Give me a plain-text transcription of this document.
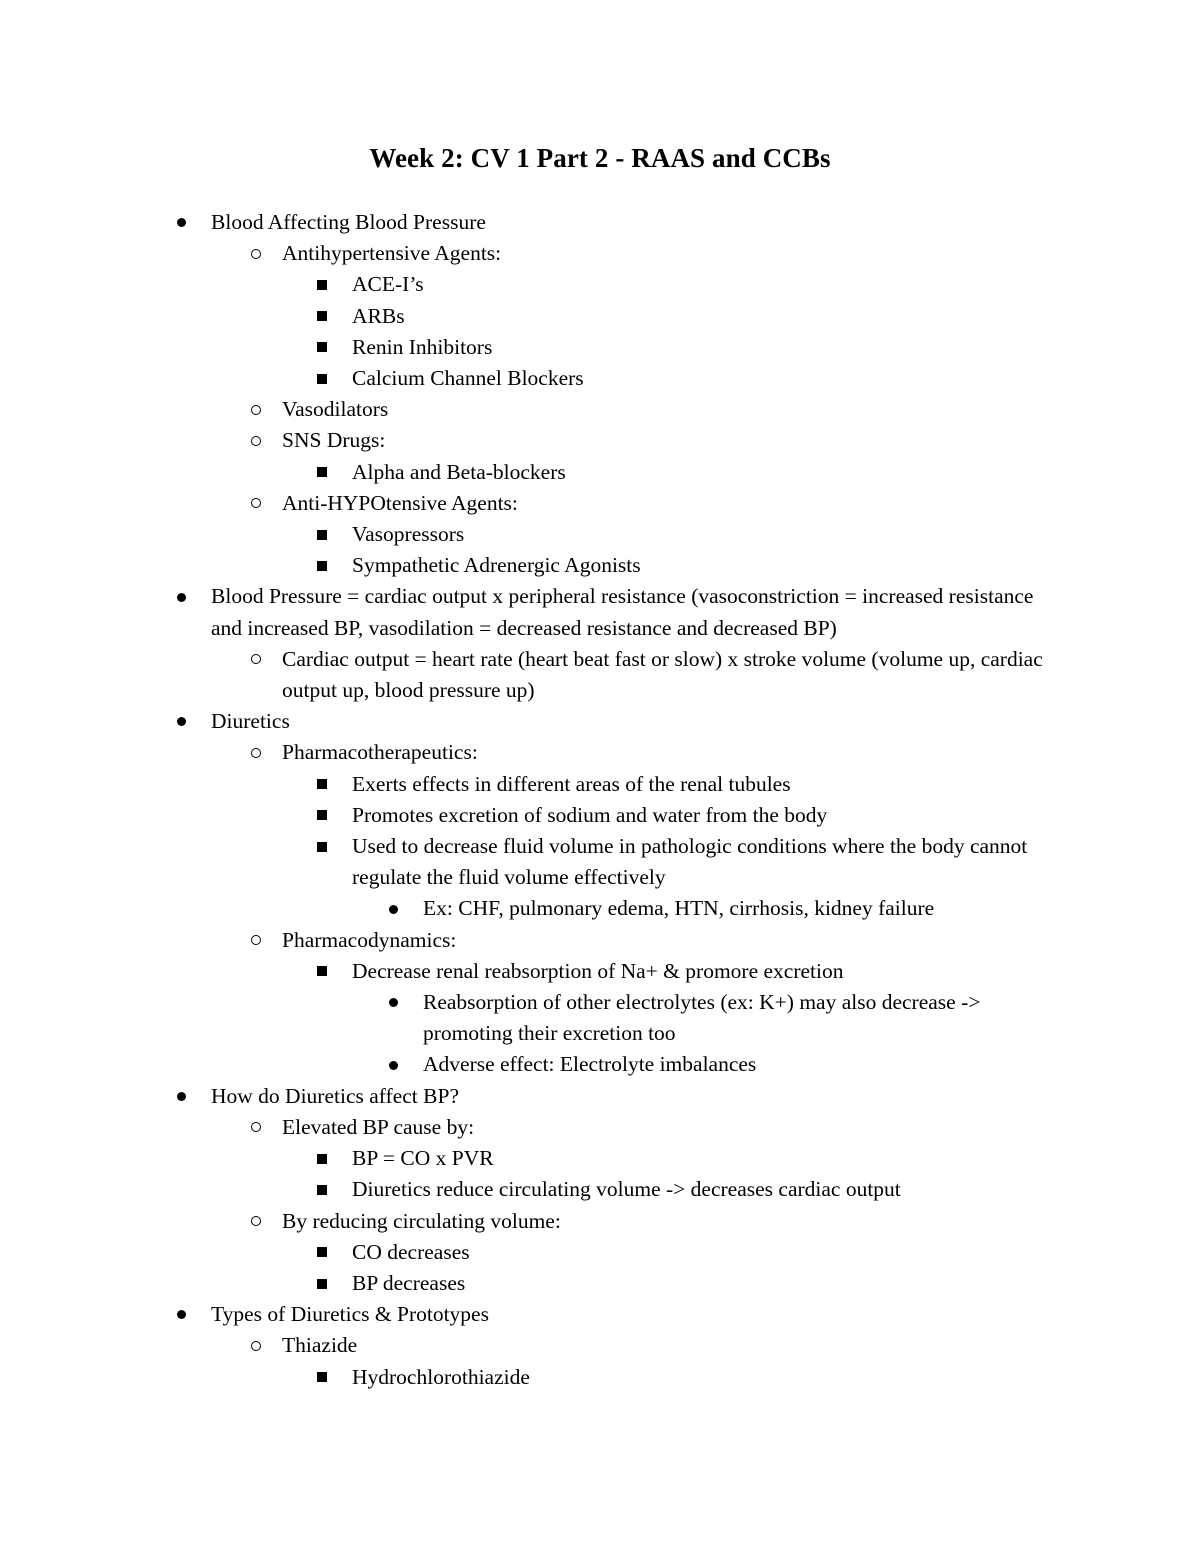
Week 2: CV 1 Part 2 - RAAS and CCBs
Blood Affecting Blood Pressure
Antihypertensive Agents:
ACE-I’s
ARBs
Renin Inhibitors
Calcium Channel Blockers
Vasodilators
SNS Drugs:
Alpha and Beta-blockers
Anti-HYPOtensive Agents:
Vasopressors
Sympathetic Adrenergic Agonists
Blood Pressure = cardiac output x peripheral resistance (vasoconstriction = increased resistance and increased BP, vasodilation = decreased resistance and decreased BP)
Cardiac output = heart rate (heart beat fast or slow) x stroke volume (volume up, cardiac output up, blood pressure up)
Diuretics
Pharmacotherapeutics:
Exerts effects in different areas of the renal tubules
Promotes excretion of sodium and water from the body
Used to decrease fluid volume in pathologic conditions where the body cannot regulate the fluid volume effectively
Ex: CHF, pulmonary edema, HTN, cirrhosis, kidney failure
Pharmacodynamics:
Decrease renal reabsorption of Na+ & promore excretion
Reabsorption of other electrolytes (ex: K+) may also decrease -> promoting their excretion too
Adverse effect: Electrolyte imbalances
How do Diuretics affect BP?
Elevated BP cause by:
BP = CO x PVR
Diuretics reduce circulating volume -> decreases cardiac output
By reducing circulating volume:
CO decreases
BP decreases
Types of Diuretics & Prototypes
Thiazide
Hydrochlorothiazide
